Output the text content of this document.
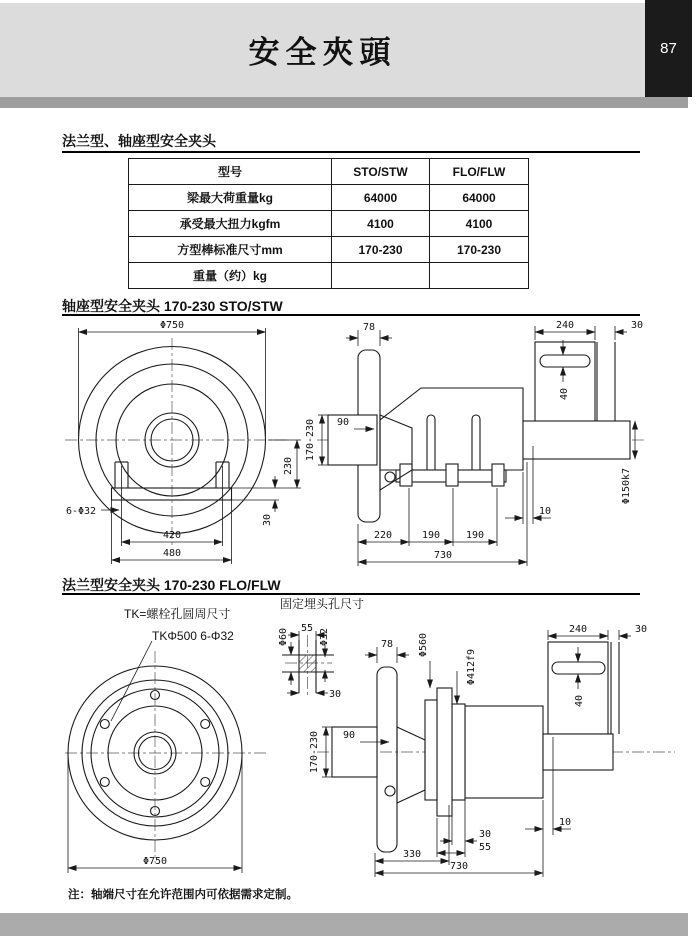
安全夾頭	87
法兰型、轴座型安全夹头
型号	STO/STW	FLO/FLW
梁最大荷重量kg	64000	64000
承受最大扭力kgfm	4100	4100
方型棒标准尺寸mm	170-230	170-230
重量（约）kg		
轴座型安全夹头 170-230 STO/STW
Φ750
230
30
420
480
6-Φ32
78
90
170-230
240	30
40
Φ150k7
10
220	190	190
730
法兰型安全夹头 170-230 FLO/FLW
TK=螺栓孔圆周尺寸
TKΦ500 6-Φ32
固定埋头孔尺寸
Φ750
55
Φ60	Φ32
30
78
90
170-230
Φ560
Φ412f9
240	30
40
10
30
55
330
730
注：轴端尺寸在允许范围内可依据需求定制。
